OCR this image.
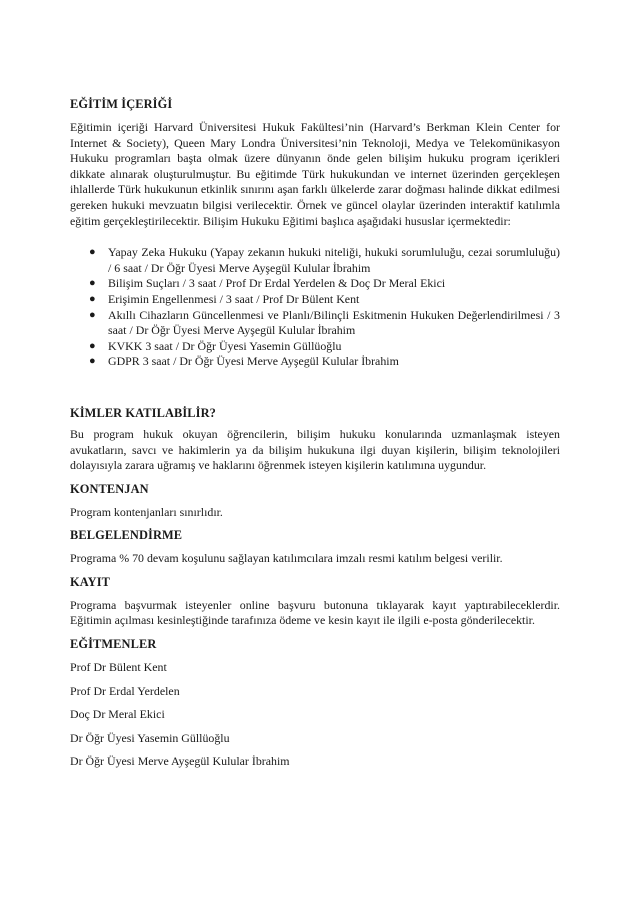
EĞİTİM İÇERİĞİ

Eğitimin içeriği Harvard Üniversitesi Hukuk Fakültesi’nin (Harvard’s Berkman Klein Center for Internet & Society), Queen Mary Londra Üniversitesi’nin Teknoloji, Medya ve Telekomünikasyon Hukuku programları başta olmak üzere dünyanın önde gelen bilişim hukuku program içerikleri dikkate alınarak oluşturulmuştur. Bu eğitimde Türk hukukundan ve internet üzerinden gerçekleşen ihlallerde Türk hukukunun etkinlik sınırını aşan farklı ülkelerde zarar doğması halinde dikkat edilmesi gereken hukuki mevzuatın bilgisi verilecektir. Örnek ve güncel olaylar üzerinden interaktif katılımla eğitim gerçekleştirilecektir. Bilişim Hukuku Eğitimi başlıca aşağıdaki hususlar içermektedir:

● Yapay Zeka Hukuku (Yapay zekanın hukuki niteliği, hukuki sorumluluğu, cezai sorumluluğu) / 6 saat / Dr Öğr Üyesi Merve Ayşegül Kulular İbrahim
● Bilişim Suçları / 3 saat / Prof Dr Erdal Yerdelen & Doç Dr Meral Ekici
● Erişimin Engellenmesi / 3 saat / Prof Dr Bülent Kent
● Akıllı Cihazların Güncellenmesi ve Planlı/Bilinçli Eskitmenin Hukuken Değerlendirilmesi / 3 saat / Dr Öğr Üyesi Merve Ayşegül Kulular İbrahim
● KVKK 3 saat / Dr Öğr Üyesi Yasemin Güllüoğlu
● GDPR 3 saat / Dr Öğr Üyesi Merve Ayşegül Kulular İbrahim
KİMLER KATILABİLİR?

Bu program hukuk okuyan öğrencilerin, bilişim hukuku konularında uzmanlaşmak isteyen avukatların, savcı ve hakimlerin ya da bilişim hukukuna ilgi duyan kişilerin, bilişim teknolojileri dolayısıyla zarara uğramış ve haklarını öğrenmek isteyen kişilerin katılımına uygundur.

KONTENJAN

Program kontenjanları sınırlıdır.

BELGELENDİRME

Programa % 70 devam koşulunu sağlayan katılımcılara imzalı resmi katılım belgesi verilir.

KAYIT

Programa başvurmak isteyenler online başvuru butonuna tıklayarak kayıt yaptırabileceklerdir. Eğitimin açılması kesinleştiğinde tarafınıza ödeme ve kesin kayıt ile ilgili e-posta gönderilecektir.

EĞİTMENLER
Prof Dr Bülent Kent
Prof Dr Erdal Yerdelen
Doç Dr Meral Ekici
Dr Öğr Üyesi Yasemin Güllüoğlu
Dr Öğr Üyesi Merve Ayşegül Kulular İbrahim
